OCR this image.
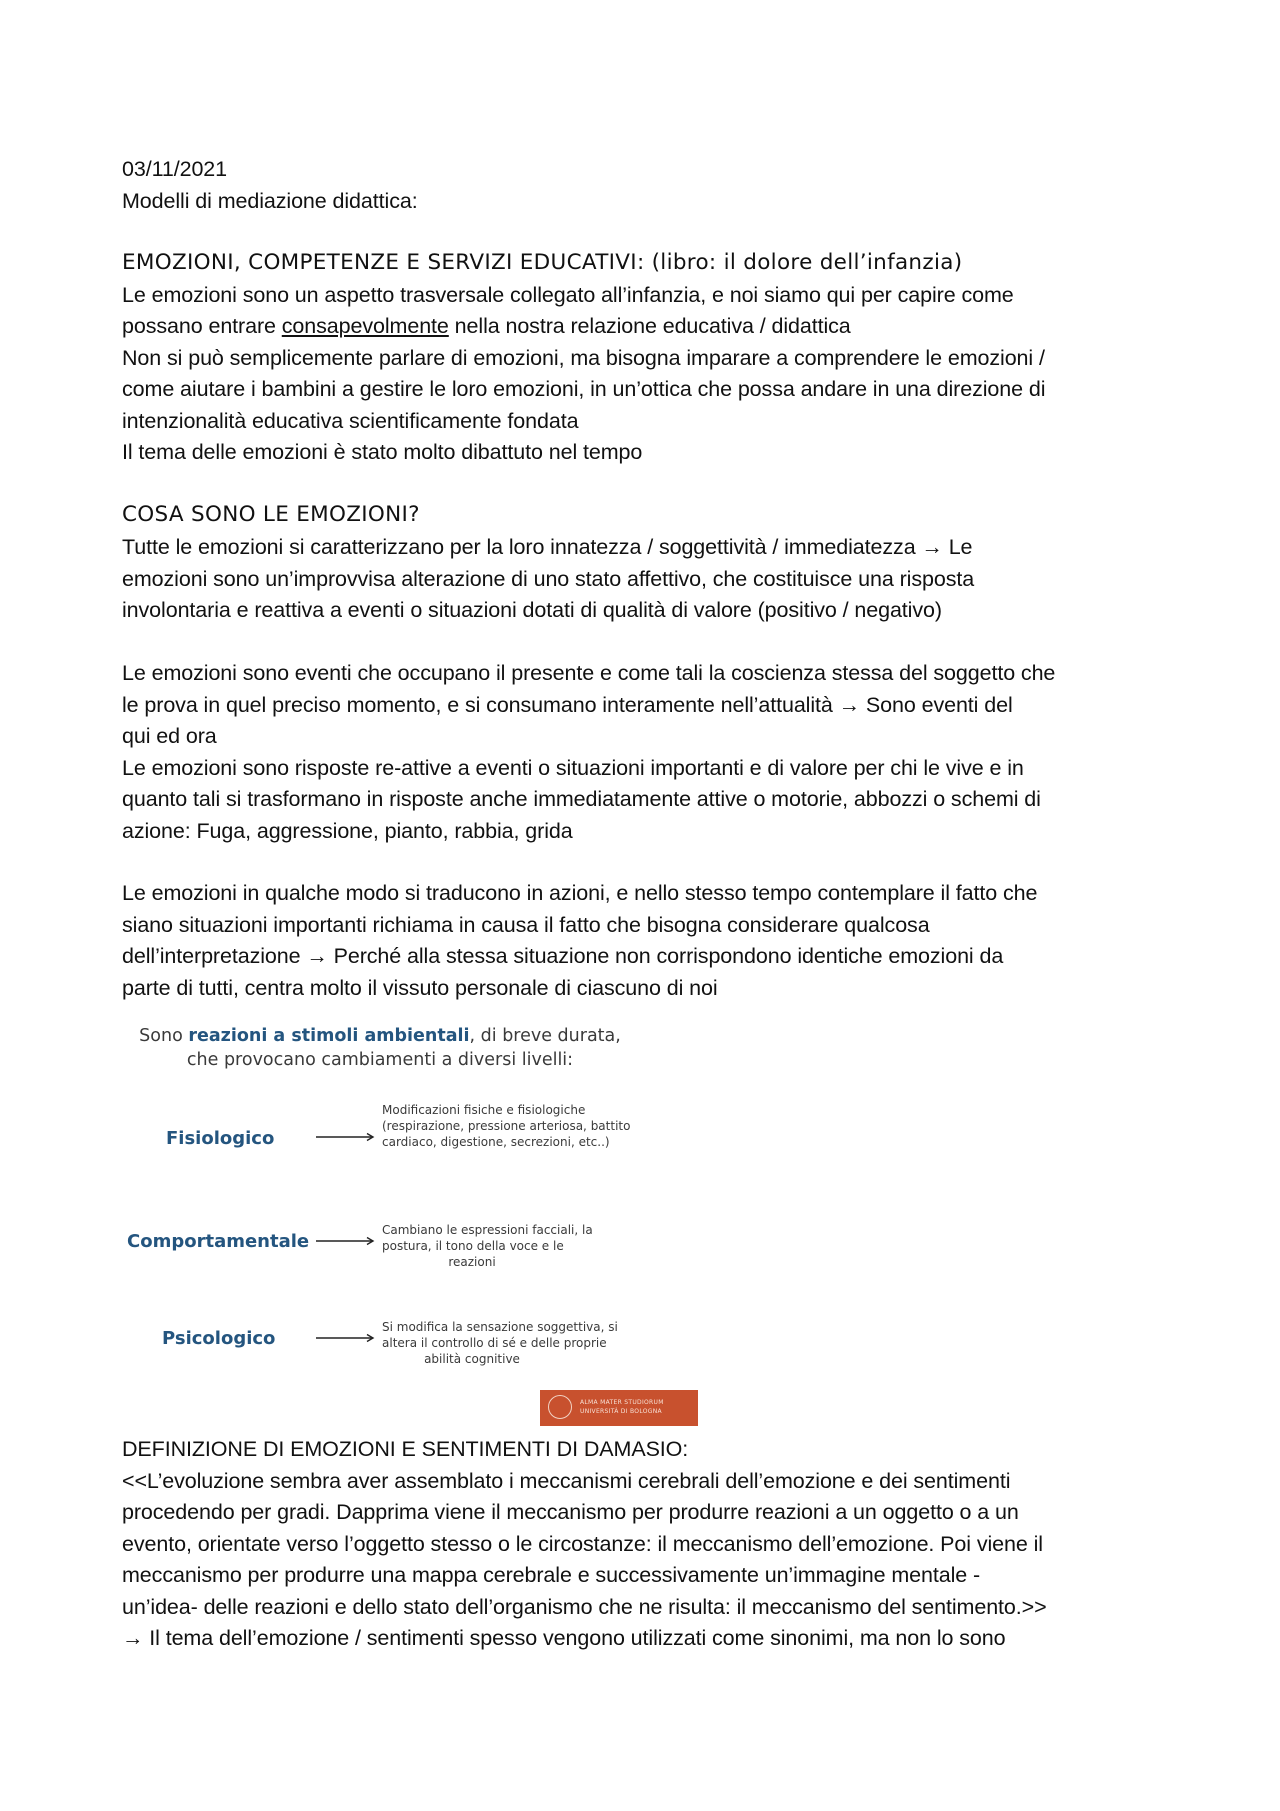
03/11/2021
Modelli di mediazione didattica:
EMOZIONI, COMPETENZE E SERVIZI EDUCATIVI: (libro: il dolore dell’infanzia)
Le emozioni sono un aspetto trasversale collegato all’infanzia, e noi siamo qui per capire come
possano entrare consapevolmente nella nostra relazione educativa / didattica
Non si può semplicemente parlare di emozioni, ma bisogna imparare a comprendere le emozioni /
come aiutare i bambini a gestire le loro emozioni, in un’ottica che possa andare in una direzione di
intenzionalità educativa scientificamente fondata
Il tema delle emozioni è stato molto dibattuto nel tempo
COSA SONO LE EMOZIONI?
Tutte le emozioni si caratterizzano per la loro innatezza / soggettività / immediatezza → Le
emozioni sono un’improvvisa alterazione di uno stato affettivo, che costituisce una risposta
involontaria e reattiva a eventi o situazioni dotati di qualità di valore (positivo / negativo)
Le emozioni sono eventi che occupano il presente e come tali la coscienza stessa del soggetto che
le prova in quel preciso momento, e si consumano interamente nell’attualità → Sono eventi del
qui ed ora
Le emozioni sono risposte re-attive a eventi o situazioni importanti e di valore per chi le vive e in
quanto tali si trasformano in risposte anche immediatamente attive o motorie, abbozzi o schemi di
azione: Fuga, aggressione, pianto, rabbia, grida
Le emozioni in qualche modo si traducono in azioni, e nello stesso tempo contemplare il fatto che
siano situazioni importanti richiama in causa il fatto che bisogna considerare qualcosa
dell’interpretazione → Perché alla stessa situazione non corrispondono identiche emozioni da
parte di tutti, centra molto il vissuto personale di ciascuno di noi
Sono reazioni a stimoli ambientali, di breve durata,
che provocano cambiamenti a diversi livelli:
Fisiologico
Modificazioni fisiche e fisiologiche
(respirazione, pressione arteriosa, battito
cardiaco, digestione, secrezioni, etc..)
Comportamentale
Cambiano le espressioni facciali, la
postura, il tono della voce e le
reazioni
Psicologico
Si modifica la sensazione soggettiva, si
altera il controllo di sé e delle proprie
abilità cognitive
ALMA MATER STUDIORUM
UNIVERSITÀ DI BOLOGNA
DEFINIZIONE DI EMOZIONI E SENTIMENTI DI DAMASIO:
<<L’evoluzione sembra aver assemblato i meccanismi cerebrali dell’emozione e dei sentimenti
procedendo per gradi. Dapprima viene il meccanismo per produrre reazioni a un oggetto o a un
evento, orientate verso l’oggetto stesso o le circostanze: il meccanismo dell’emozione. Poi viene il
meccanismo per produrre una mappa cerebrale e successivamente un’immagine mentale -
un’idea- delle reazioni e dello stato dell’organismo che ne risulta: il meccanismo del sentimento.>>
→ Il tema dell’emozione / sentimenti spesso vengono utilizzati come sinonimi, ma non lo sono
